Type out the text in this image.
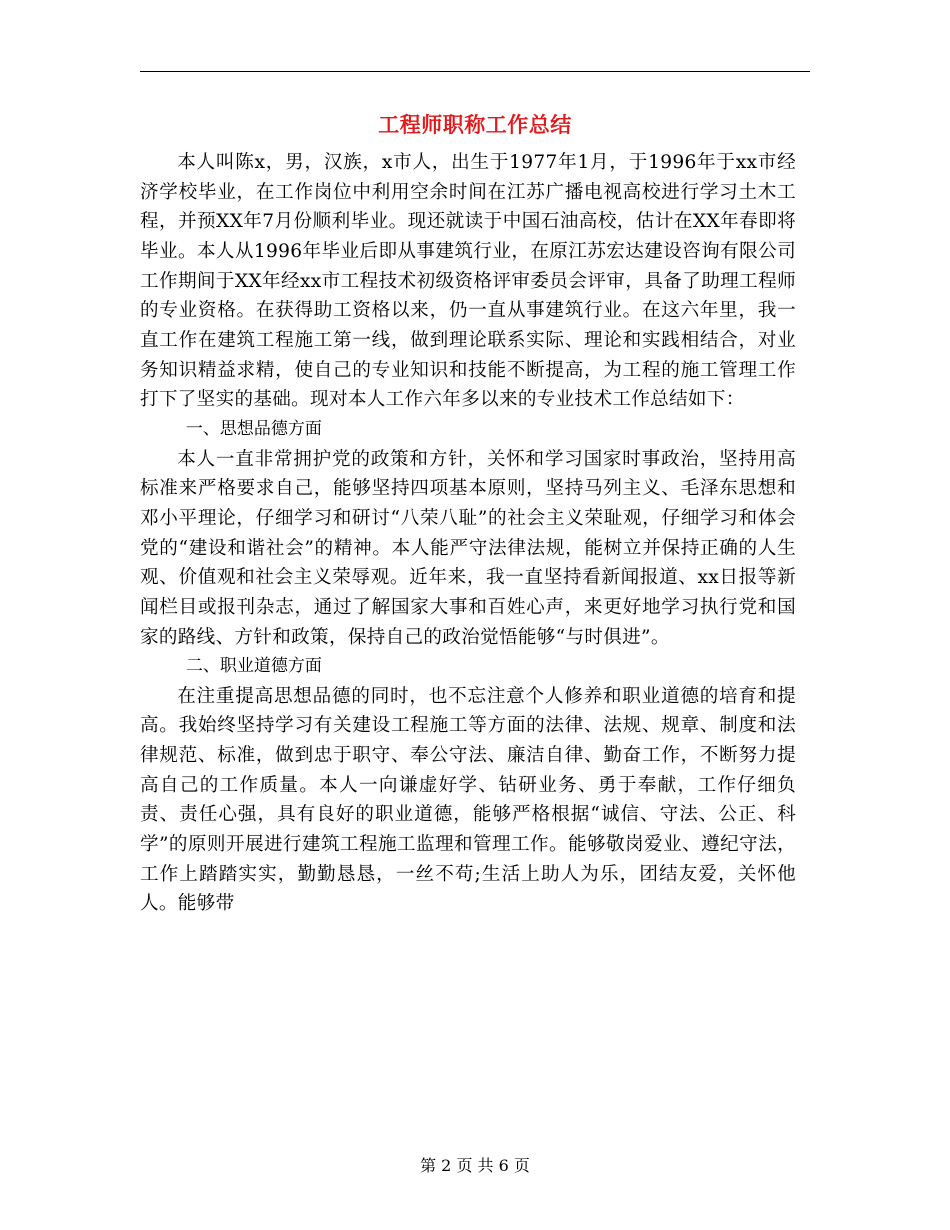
工程师职称工作总结

本人叫陈x，男，汉族，x市人，出生于1977年1月，于1996年于xx市经济学校毕业，在工作岗位中利用空余时间在江苏广播电视高校进行学习土木工程，并预XX年7月份顺利毕业。现还就读于中国石油高校，估计在XX年春即将毕业。本人从1996年毕业后即从事建筑行业，在原江苏宏达建设咨询有限公司工作期间于XX年经xx市工程技术初级资格评审委员会评审，具备了助理工程师的专业资格。在获得助工资格以来，仍一直从事建筑行业。在这六年里，我一直工作在建筑工程施工第一线，做到理论联系实际、理论和实践相结合，对业务知识精益求精，使自己的专业知识和技能不断提高，为工程的施工管理工作打下了坚实的基础。现对本人工作六年多以来的专业技术工作总结如下：

一、思想品德方面

本人一直非常拥护党的政策和方针，关怀和学习国家时事政治，坚持用高标准来严格要求自己，能够坚持四项基本原则，坚持马列主义、毛泽东思想和邓小平理论，仔细学习和研讨“八荣八耻”的社会主义荣耻观，仔细学习和体会党的“建设和谐社会”的精神。本人能严守法律法规，能树立并保持正确的人生观、价值观和社会主义荣辱观。近年来，我一直坚持看新闻报道、xx日报等新闻栏目或报刊杂志，通过了解国家大事和百姓心声，来更好地学习执行党和国家的路线、方针和政策，保持自己的政治觉悟能够“与时俱进”。

二、职业道德方面

在注重提高思想品德的同时，也不忘注意个人修养和职业道德的培育和提高。我始终坚持学习有关建设工程施工等方面的法律、法规、规章、制度和法律规范、标准，做到忠于职守、奉公守法、廉洁自律、勤奋工作，不断努力提高自己的工作质量。本人一向谦虚好学、钻研业务、勇于奉献，工作仔细负责、责任心强，具有良好的职业道德，能够严格根据“诚信、守法、公正、科学”的原则开展进行建筑工程施工监理和管理工作。能够敬岗爱业、遵纪守法，工作上踏踏实实，勤勤恳恳，一丝不苟;生活上助人为乐，团结友爱，关怀他人。能够带

第 2 页 共 6 页
